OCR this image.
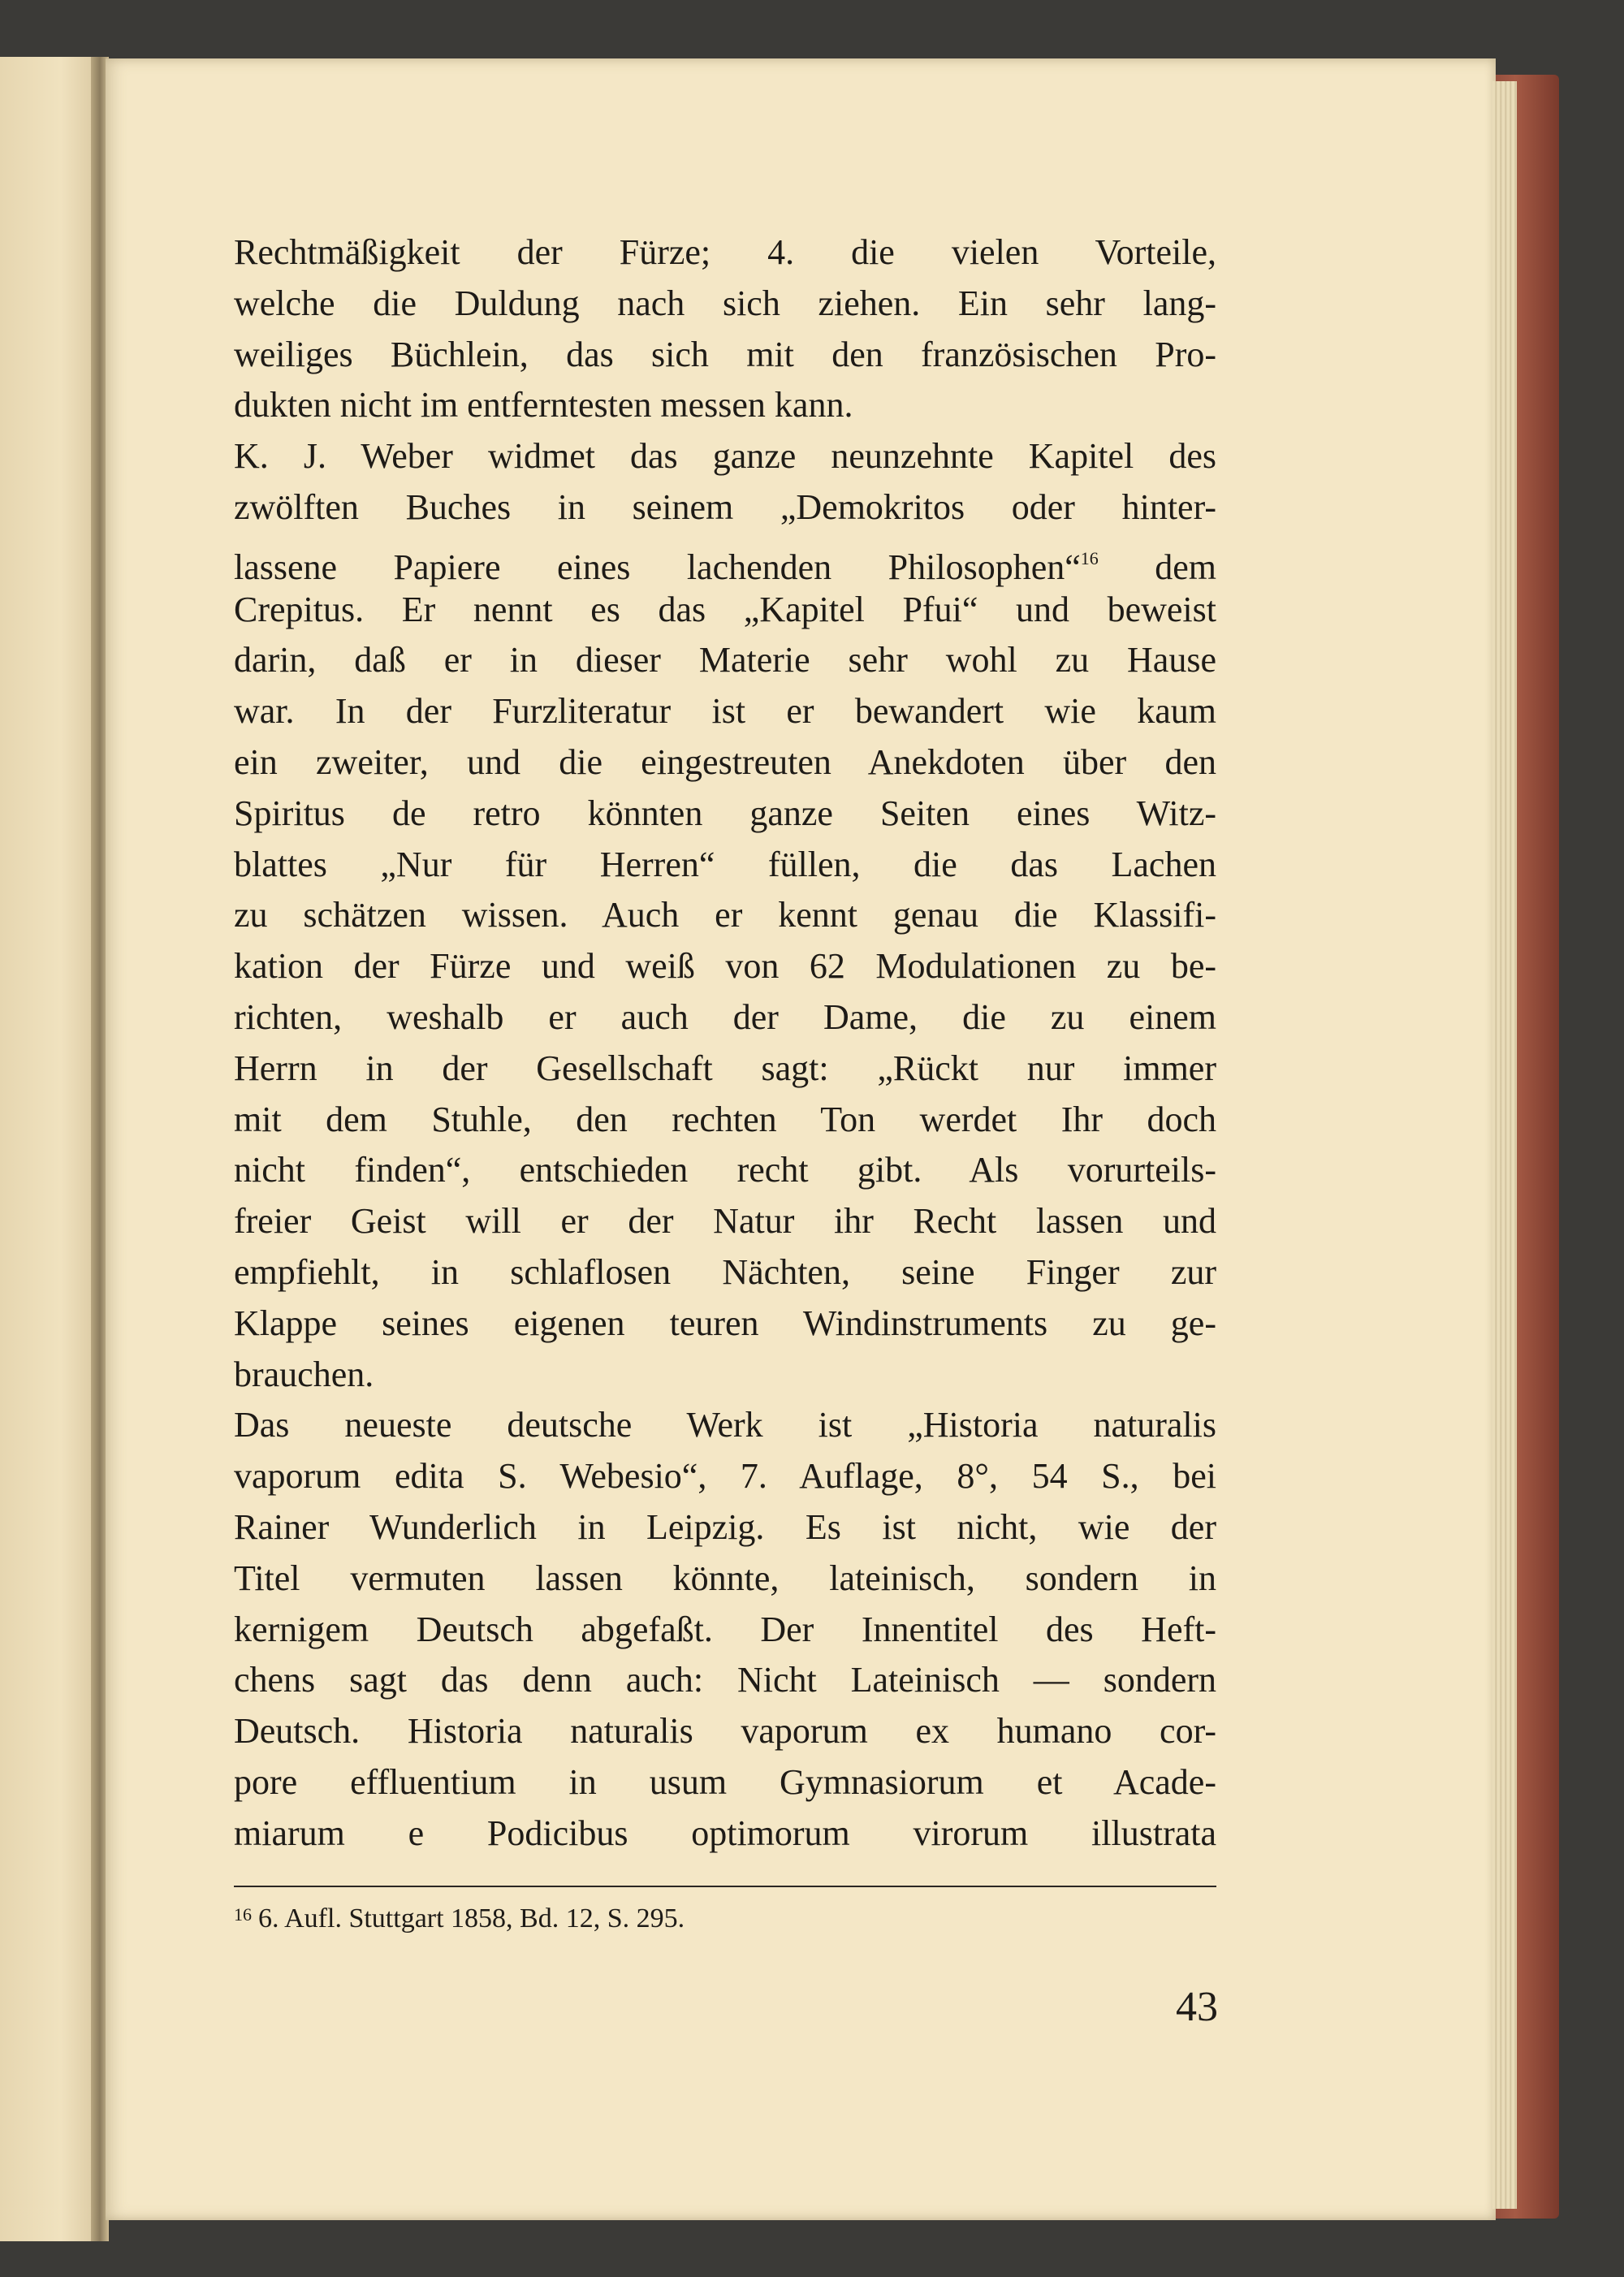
Rechtmäßigkeit der Fürze; 4. die vielen Vorteile,
welche die Duldung nach sich ziehen. Ein sehr lang-
weiliges Büchlein, das sich mit den französischen Pro-
dukten nicht im entferntesten messen kann.
K. J. Weber widmet das ganze neunzehnte Kapitel des
zwölften Buches in seinem „Demokritos oder hinter-
lassene Papiere eines lachenden Philosophen“$^{16}$ dem
Crepitus. Er nennt es das „Kapitel Pfui“ und beweist
darin, daß er in dieser Materie sehr wohl zu Hause
war. In der Furzliteratur ist er bewandert wie kaum
ein zweiter, und die eingestreuten Anekdoten über den
Spiritus de retro könnten ganze Seiten eines Witz-
blattes „Nur für Herren“ füllen, die das Lachen
zu schätzen wissen. Auch er kennt genau die Klassifi-
kation der Fürze und weiß von 62 Modulationen zu be-
richten, weshalb er auch der Dame, die zu einem
Herrn in der Gesellschaft sagt: „Rückt nur immer
mit dem Stuhle, den rechten Ton werdet Ihr doch
nicht finden“, entschieden recht gibt. Als vorurteils-
freier Geist will er der Natur ihr Recht lassen und
empfiehlt, in schlaflosen Nächten, seine Finger zur
Klappe seines eigenen teuren Windinstruments zu ge-
brauchen.
Das neueste deutsche Werk ist „Historia naturalis
vaporum edita S. Webesio“, 7. Auflage, 8°, 54 S., bei
Rainer Wunderlich in Leipzig. Es ist nicht, wie der
Titel vermuten lassen könnte, lateinisch, sondern in
kernigem Deutsch abgefaßt. Der Innentitel des Heft-
chens sagt das denn auch: Nicht Lateinisch — sondern
Deutsch. Historia naturalis vaporum ex humano cor-
pore effluentium in usum Gymnasiorum et Acade-
miarum e Podicibus optimorum virorum illustrata
$^{16}$ 6. Aufl. Stuttgart 1858, Bd. 12, S. 295.
43
